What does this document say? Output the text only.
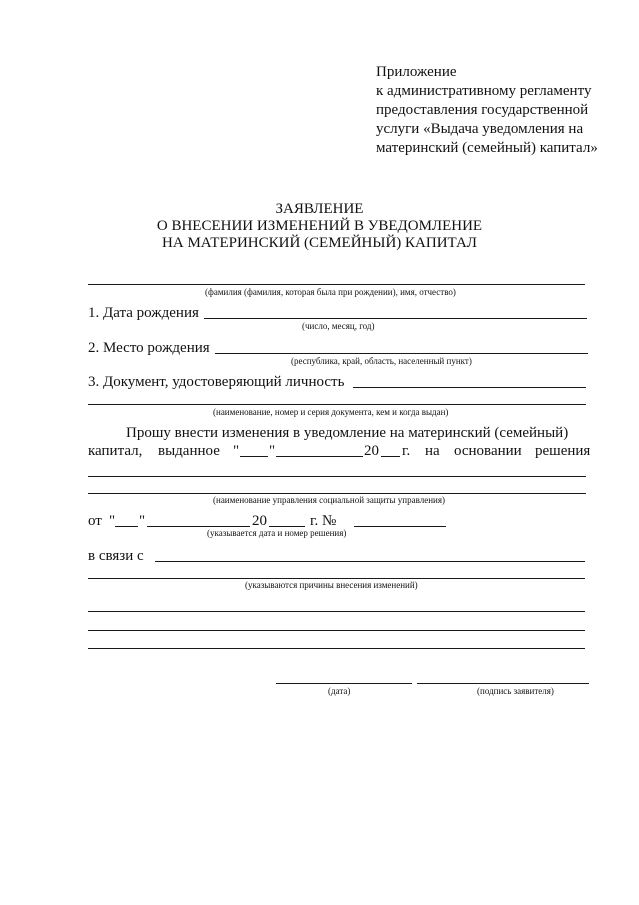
Приложение
к административному регламенту
предоставления государственной
услуги «Выдача уведомления на
материнский (семейный) капитал»
ЗАЯВЛЕНИЕ
О ВНЕСЕНИИ ИЗМЕНЕНИЙ В УВЕДОМЛЕНИЕ
НА МАТЕРИНСКИЙ (СЕМЕЙНЫЙ) КАПИТАЛ
(фамилия (фамилия, которая была при рождении), имя, отчество)
1. Дата рождения
(число, месяц, год)
2. Место рождения
(республика, край, область, населенный пункт)
3. Документ, удостоверяющий личность
(наименование, номер и серия документа, кем и когда выдан)
Прошу внести изменения в уведомление на материнский (семейный)
капитал, выданное " "	20 г. на основании решения
(наименование управления социальной защиты управления)
от " "	20	г. №
(указывается дата и номер решения)
в связи с
(указываются причины внесения изменений)
(дата)	(подпись заявителя)
